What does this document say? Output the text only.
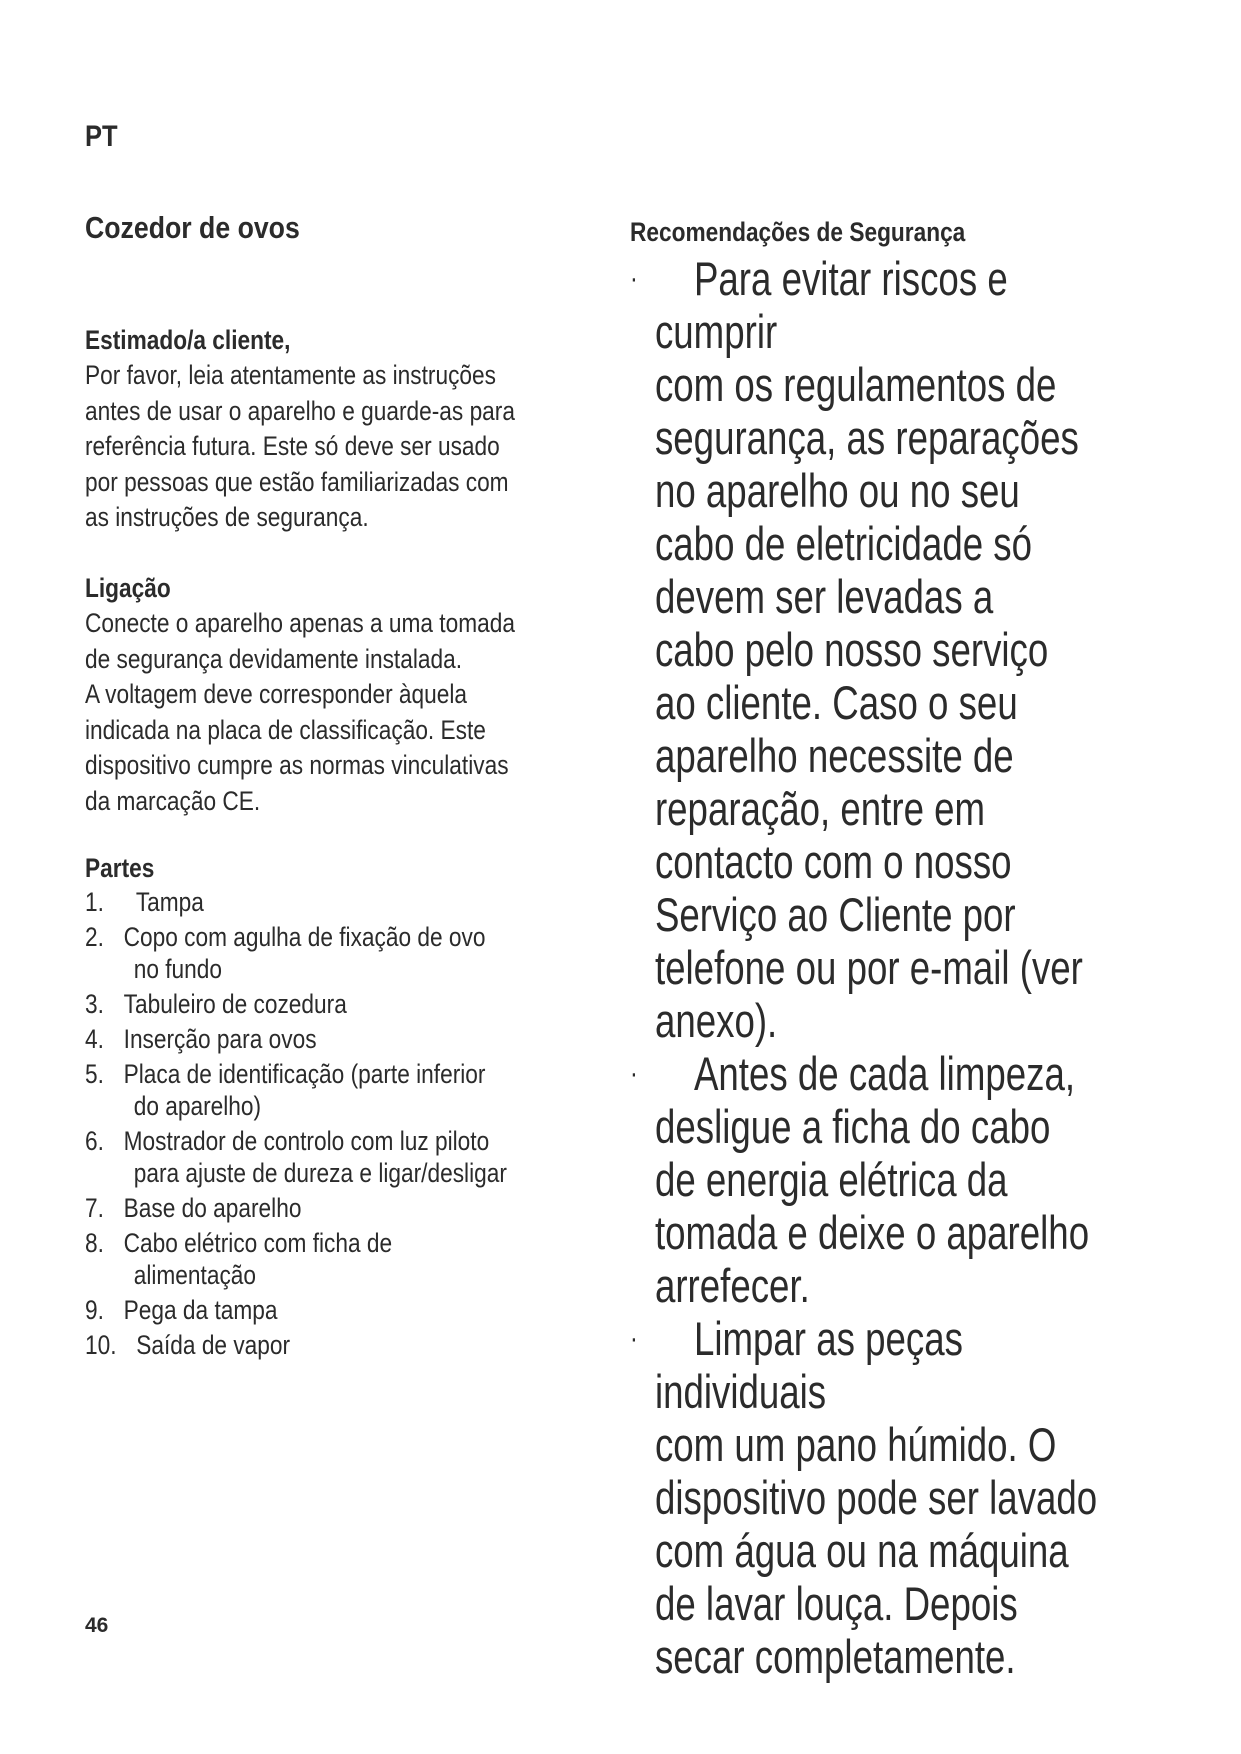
PT
Cozedor de ovos

Estimado/a cliente,

Por favor, leia atentamente as instruções
antes de usar o aparelho e guarde-as para
referência futura. Este só deve ser usado
por pessoas que estão familiarizadas com
as instruções de segurança.

Ligação

Conecte o aparelho apenas a uma tomada
de segurança devidamente instalada.
A voltagem deve corresponder àquela
indicada na placa de classificação. Este
dispositivo cumpre as normas vinculativas
da marcação CE.

Partes

1. Tampa
2. Copo com agulha de fixação de ovo
no fundo
3. Tabuleiro de cozedura
4. Inserção para ovos
5. Placa de identificação (parte inferior
do aparelho)
6. Mostrador de controlo com luz piloto
para ajuste de dureza e ligar/desligar
7. Base do aparelho
8. Cabo elétrico com ficha de
alimentação
9. Pega da tampa
10. Saída de vapor
Recomendações de Segurança
· Para evitar riscos e cumprir
com os regulamentos de
segurança, as reparações
no aparelho ou no seu
cabo de eletricidade só
devem ser levadas a
cabo pelo nosso serviço
ao cliente. Caso o seu
aparelho necessite de
reparação, entre em
contacto com o nosso
Serviço ao Cliente por
telefone ou por e-mail (ver
anexo).
· Antes de cada limpeza,
desligue a ficha do cabo
de energia elétrica da
tomada e deixe o aparelho
arrefecer.
· Limpar as peças individuais
com um pano húmido. O
dispositivo pode ser lavado
com água ou na máquina
de lavar louça. Depois
secar completamente.
46
